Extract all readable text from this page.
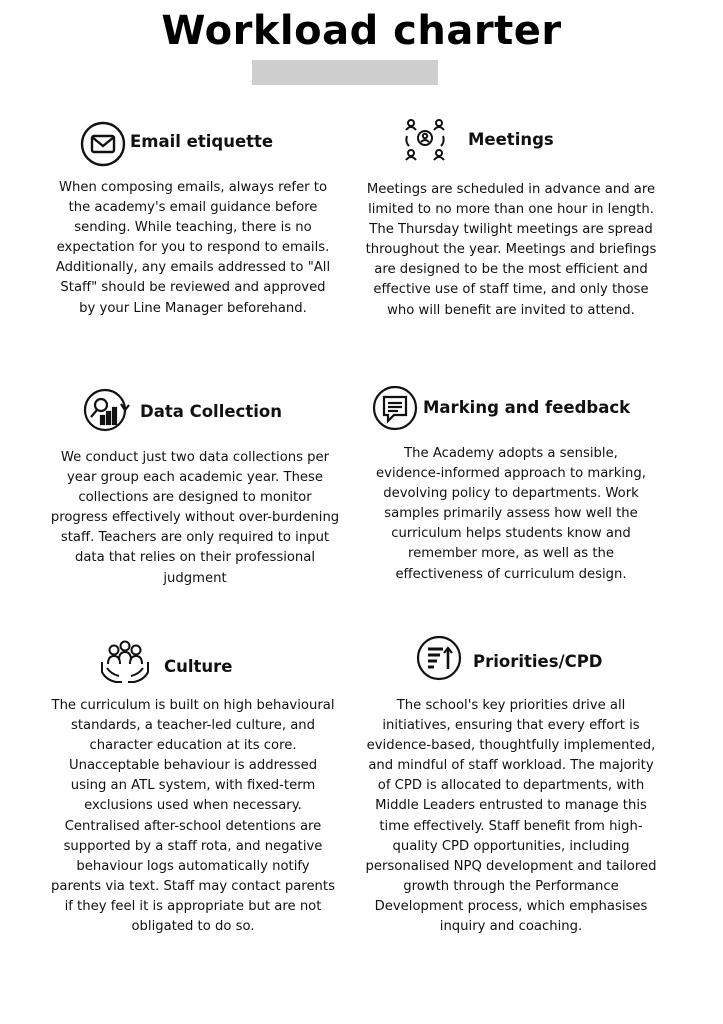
Workload charter
Email etiquette

When composing emails, always refer to the academy's email guidance before sending. While teaching, there is no expectation for you to respond to emails. Additionally, any emails addressed to "All Staff" should be reviewed and approved by your Line Manager beforehand.

Meetings

Meetings are scheduled in advance and are limited to no more than one hour in length. The Thursday twilight meetings are spread throughout the year. Meetings and briefings are designed to be the most efficient and effective use of staff time, and only those who will benefit are invited to attend.

Data Collection

We conduct just two data collections per year group each academic year. These collections are designed to monitor progress effectively without over-burdening staff. Teachers are only required to input data that relies on their professional judgment

Marking and feedback

The Academy adopts a sensible, evidence-informed approach to marking, devolving policy to departments. Work samples primarily assess how well the curriculum helps students know and remember more, as well as the effectiveness of curriculum design.

Culture

The curriculum is built on high behavioural standards, a teacher-led culture, and character education at its core. Unacceptable behaviour is addressed using an ATL system, with fixed-term exclusions used when necessary. Centralised after-school detentions are supported by a staff rota, and negative behaviour logs automatically notify parents via text. Staff may contact parents if they feel it is appropriate but are not obligated to do so.

Priorities/CPD

The school's key priorities drive all initiatives, ensuring that every effort is evidence-based, thoughtfully implemented, and mindful of staff workload. The majority of CPD is allocated to departments, with Middle Leaders entrusted to manage this time effectively. Staff benefit from high-quality CPD opportunities, including personalised NPQ development and tailored growth through the Performance Development process, which emphasises inquiry and coaching.
